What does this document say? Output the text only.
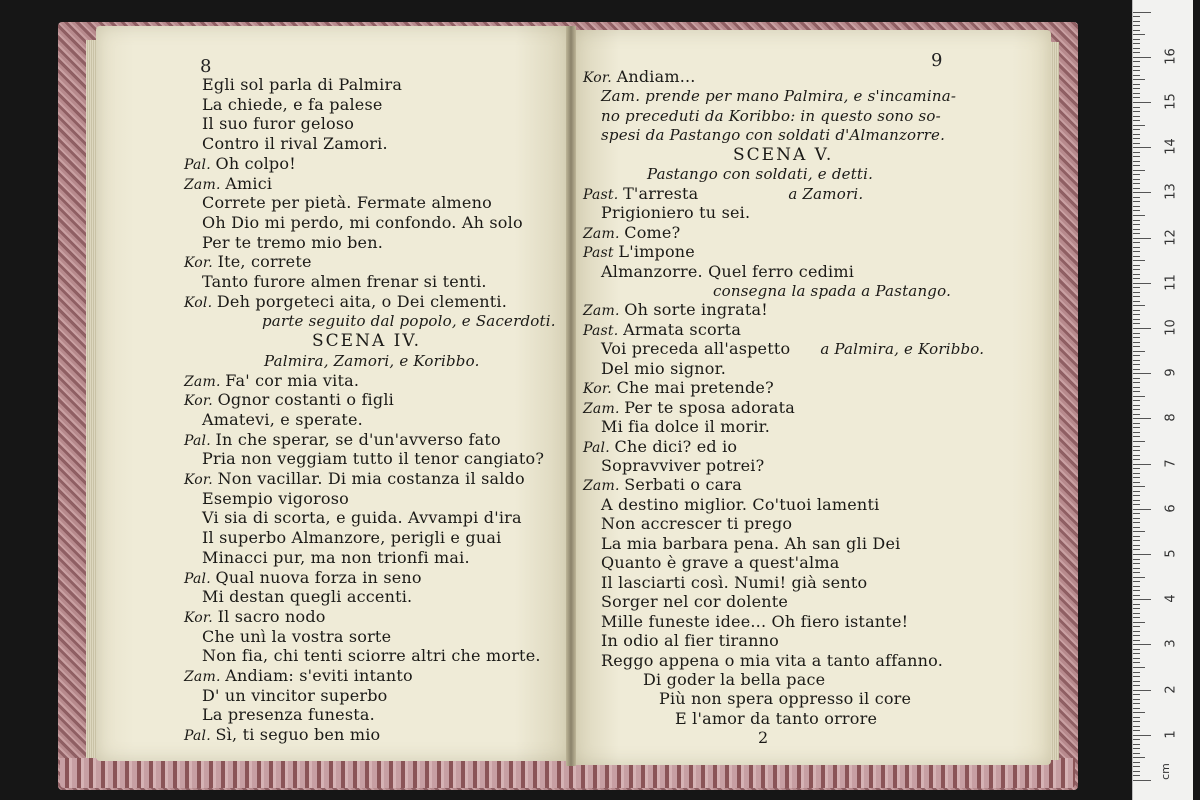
8
Egli sol parla di Palmira
La chiede, e fa palese
Il suo furor geloso
Contro il rival Zamori.
Pal. Oh colpo!
Zam. Amici
Correte per pietà. Fermate almeno
Oh Dio mi perdo, mi confondo. Ah solo
Per te tremo mio ben.
Kor. Ite, correte
Tanto furore almen frenar si tenti.
Kol. Deh porgeteci aita, o Dei clementi.
parte seguito dal popolo, e Sacerdoti.
SCENA IV.
Palmira, Zamori, e Koribbo.
Zam. Fa' cor mia vita.
Kor. Ognor costanti o figli
Amatevi, e sperate.
Pal. In che sperar, se d'un'avverso fato
Pria non veggiam tutto il tenor cangiato?
Kor. Non vacillar. Di mia costanza il saldo
Esempio vigoroso
Vi sia di scorta, e guida. Avvampi d'ira
Il superbo Almanzore, perigli e guai
Minacci pur, ma non trionfi mai.
Pal. Qual nuova forza in seno
Mi destan quegli accenti.
Kor. Il sacro nodo
Che unì la vostra sorte
Non fia, chi tenti sciorre altri che morte.
Zam. Andiam: s'eviti intanto
D' un vincitor superbo
La presenza funesta.
Pal. Sì, ti seguo ben mio
9
Kor. Andiam...
Zam. prende per mano Palmira, e s'incamina-
no preceduti da Koribbo: in questo sono so-
spesi da Pastango con soldati d'Almanzorre.
SCENA V.
Pastango con soldati, e detti.
Past. T'arresta	a Zamori.
Prigioniero tu sei.
Zam. Come?
Past L'impone
Almanzorre. Quel ferro cedimi
consegna la spada a Pastango.
Zam. Oh sorte ingrata!
Past. Armata scorta
Voi preceda all'aspetto a Palmira, e Koribbo.
Del mio signor.
Kor. Che mai pretende?
Zam. Per te sposa adorata
Mi fia dolce il morir.
Pal. Che dici? ed io
Sopravviver potrei?
Zam. Serbati o cara
A destino miglior. Co'tuoi lamenti
Non accrescer ti prego
La mia barbara pena. Ah san gli Dei
Quanto è grave a quest'alma
Il lasciarti così. Numi! già sento
Sorger nel cor dolente
Mille funeste idee... Oh fiero istante!
In odio al fier tiranno
Reggo appena o mia vita a tanto affanno.
Di goder la bella pace
Più non spera oppresso il core
E l'amor da tanto orrore
2	1
2
3
4
5
6
7
8
9
10
11
12
13
14
15
16
cm
